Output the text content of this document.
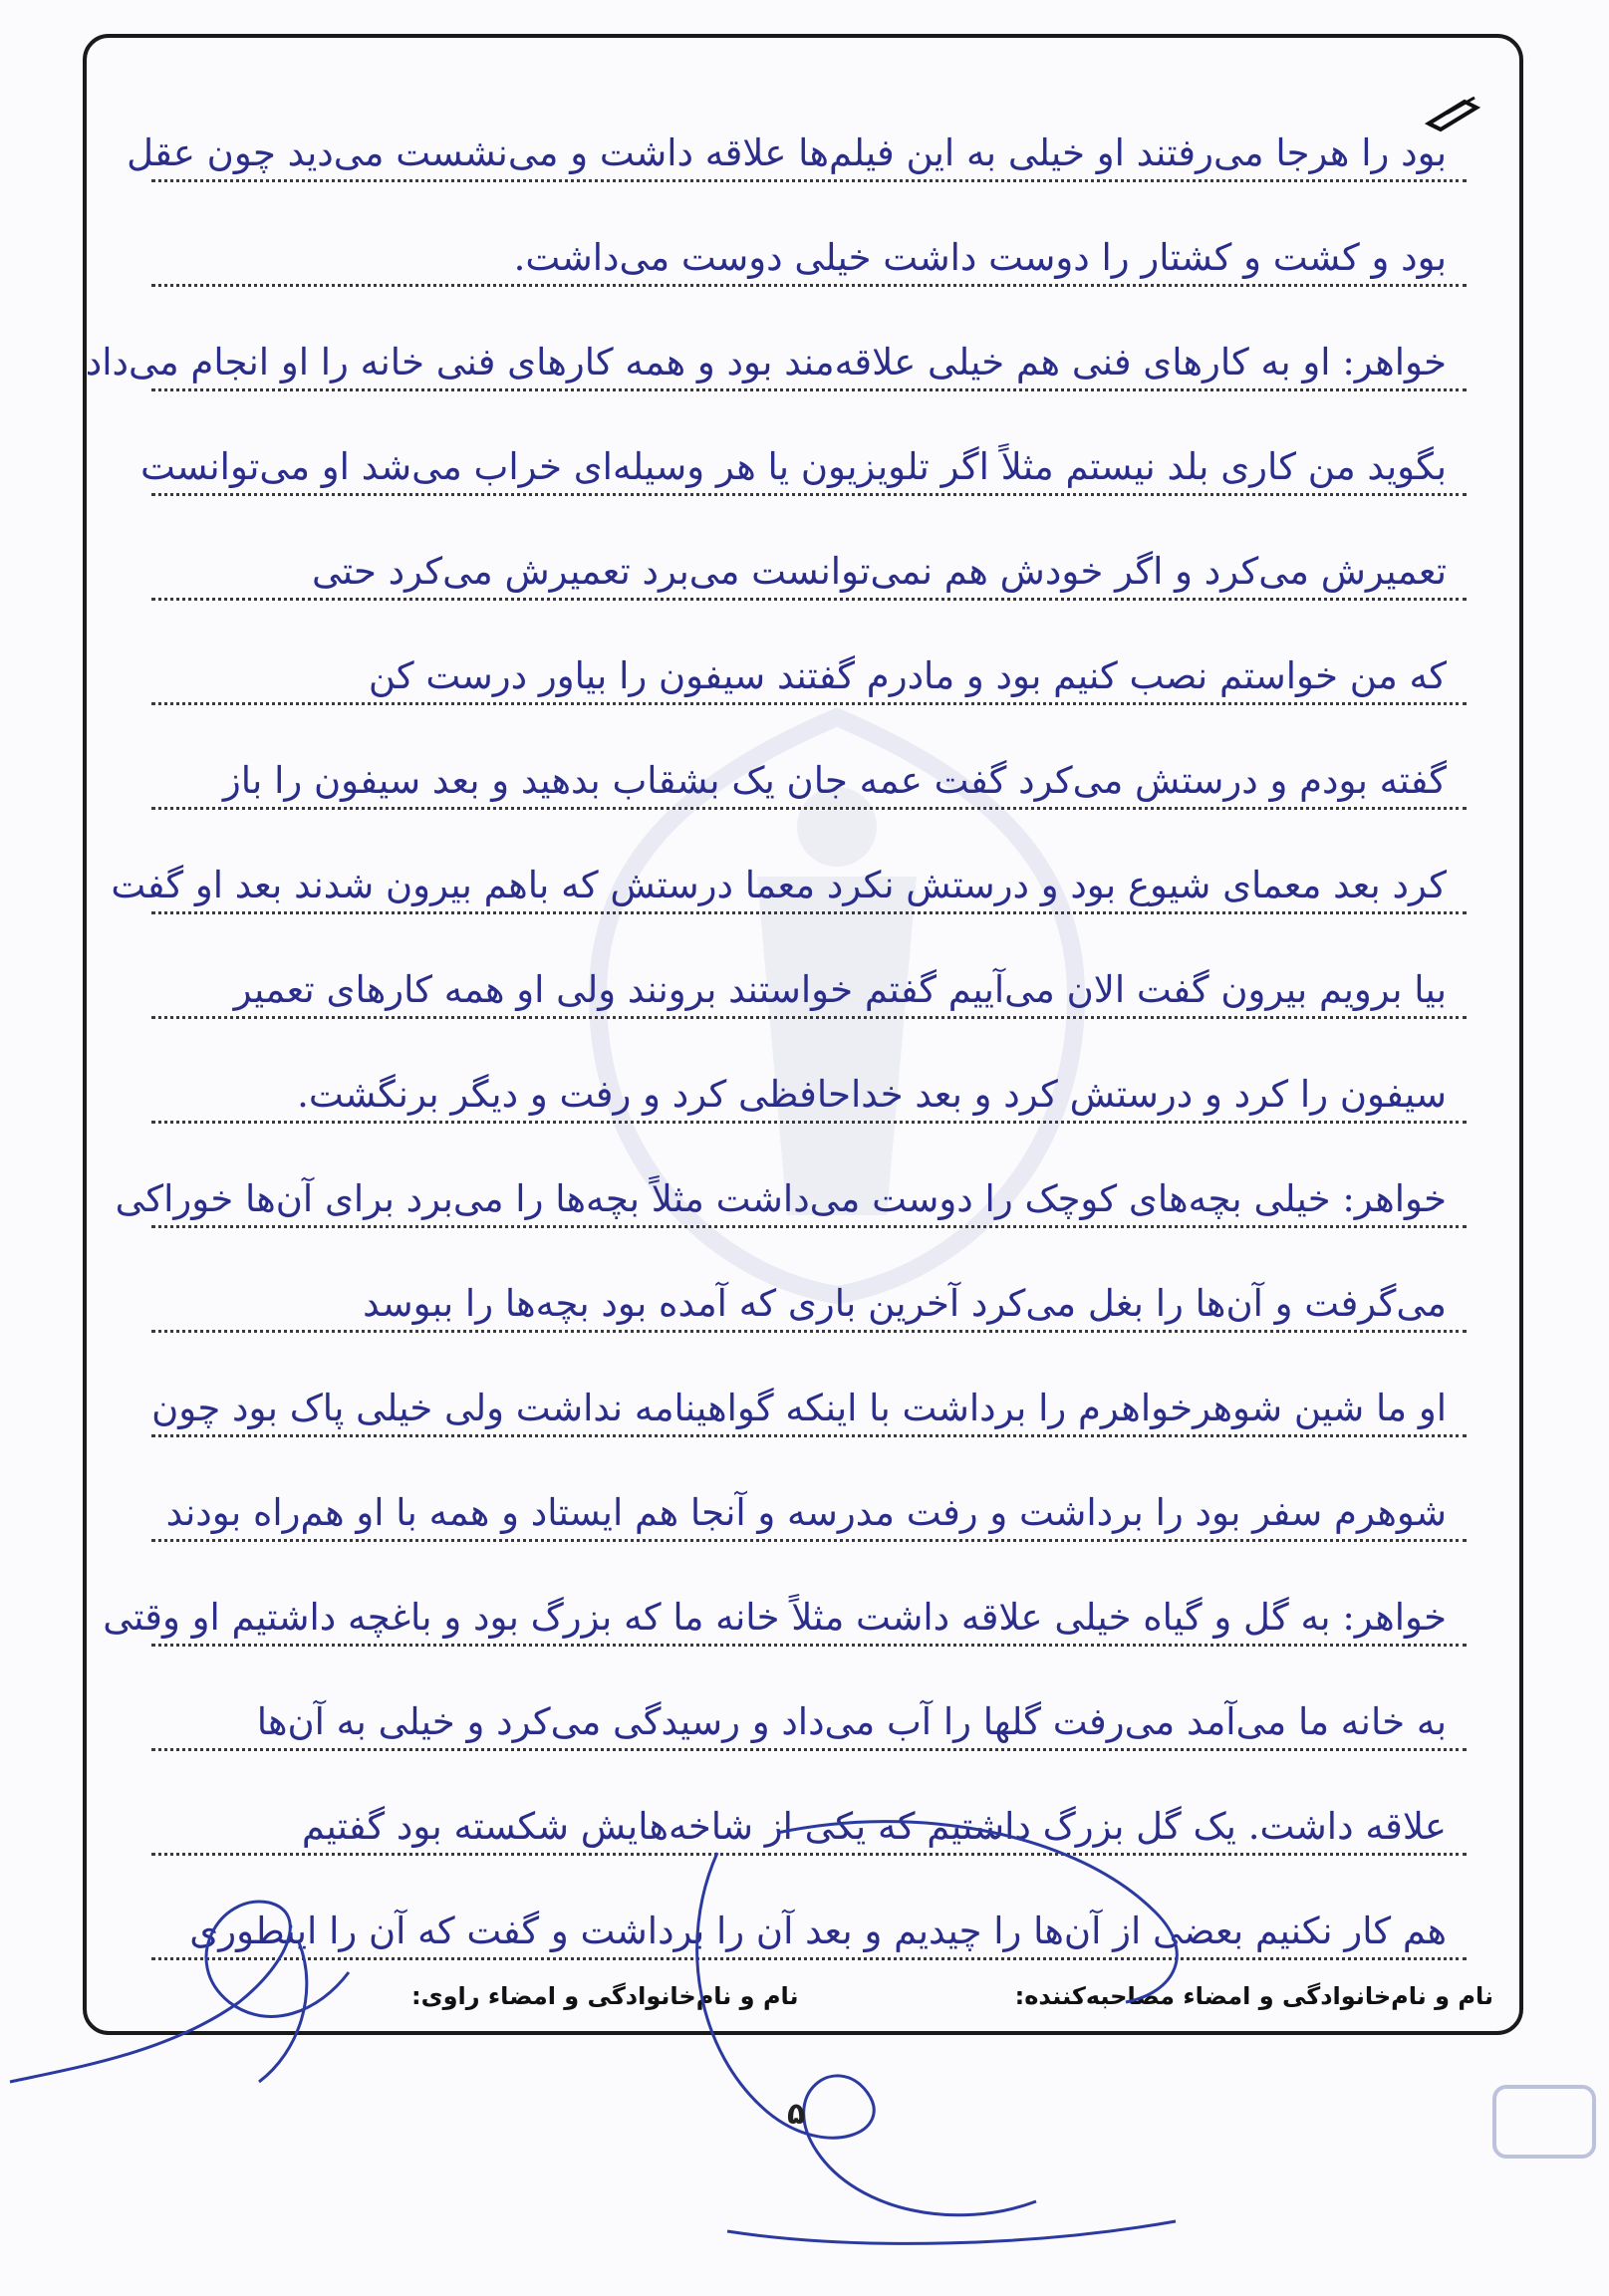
بود را هرجا می‌رفتند او خیلی به این فیلم‌ها علاقه داشت و می‌نشست می‌دید چون عقل
بود و کشت و کشتار را دوست داشت خیلی دوست می‌داشت.
خواهر: او به کارهای فنی هم خیلی علاقه‌مند بود و همه کارهای فنی خانه را او انجام می‌داد
بگوید من کاری بلد نیستم مثلاً اگر تلویزیون یا هر وسیله‌ای خراب می‌شد او می‌توانست
تعمیرش می‌کرد و اگر خودش هم نمی‌توانست می‌برد تعمیرش می‌کرد حتی
که من خواستم نصب کنیم بود و مادرم گفتند سیفون را بیاور درست کن
گفته بودم و درستش می‌کرد گفت عمه جان یک بشقاب بدهید و بعد سیفون را باز
کرد بعد معمای شیوع بود و درستش نکرد معما درستش که باهم بیرون شدند بعد او گفت
بیا برویم بیرون گفت الان می‌آییم گفتم خواستند برونند ولی او همه کارهای تعمیر
سیفون را کرد و درستش کرد و بعد خداحافظی کرد و رفت و دیگر برنگشت.
خواهر: خیلی بچه‌های کوچک را دوست می‌داشت مثلاً بچه‌ها را می‌برد برای آن‌ها خوراکی
می‌گرفت و آن‌ها را بغل می‌کرد آخرین باری که آمده بود بچه‌ها را ببوسد
او ما شین شوهرخواهرم را برداشت با اینکه گواهینامه نداشت ولی خیلی پاک بود چون
شوهرم سفر بود را برداشت و رفت مدرسه و آنجا هم ایستاد و همه با او هم‌راه بودند
خواهر: به گل و گیاه خیلی علاقه داشت مثلاً خانه ما که بزرگ بود و باغچه داشتیم او وقتی
به خانه ما می‌آمد می‌رفت گلها را آب می‌داد و رسیدگی می‌کرد و خیلی به آن‌ها
علاقه داشت. یک گل بزرگ داشتیم که یکی از شاخه‌هایش شکسته بود گفتیم
هم کار نکنیم بعضی از آن‌ها را چیدیم و بعد آن را برداشت و گفت که آن را اینطوری
نام و نام‌خانوادگی و امضاء مصاحبه‌کننده:
نام و نام‌خانوادگی و امضاء راوی:
۵
